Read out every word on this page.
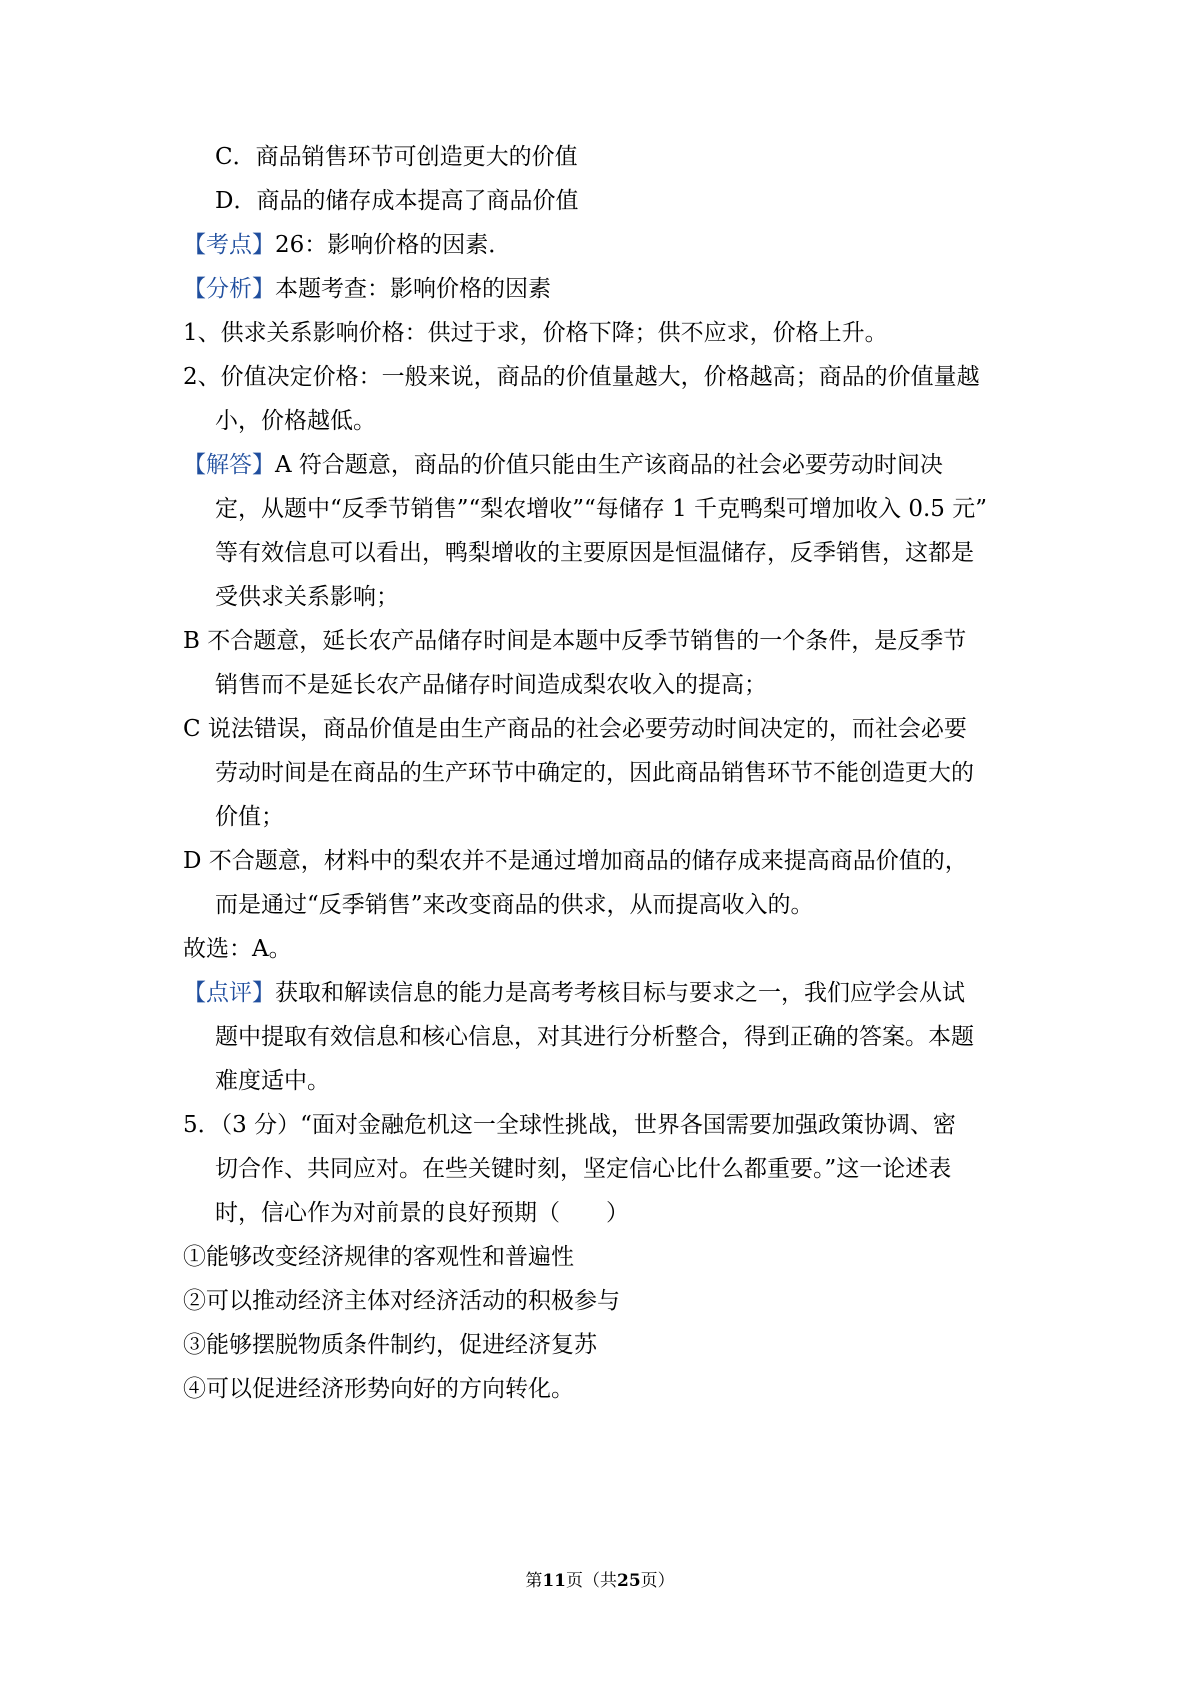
C．商品销售环节可创造更大的价值
D．商品的储存成本提高了商品价值
【考点】26：影响价格的因素．
【分析】本题考查：影响价格的因素
1、供求关系影响价格：供过于求，价格下降；供不应求，价格上升。
2、价值决定价格：一般来说，商品的价值量越大，价格越高；商品的价值量越
小，价格越低。
【解答】A 符合题意，商品的价值只能由生产该商品的社会必要劳动时间决
定，从题中“反季节销售”“梨农增收”“每储存 1 千克鸭梨可增加收入 0.5 元”
等有效信息可以看出，鸭梨增收的主要原因是恒温储存，反季销售，这都是
受供求关系影响；
B 不合题意，延长农产品储存时间是本题中反季节销售的一个条件，是反季节
销售而不是延长农产品储存时间造成梨农收入的提高；
C 说法错误，商品价值是由生产商品的社会必要劳动时间决定的，而社会必要
劳动时间是在商品的生产环节中确定的，因此商品销售环节不能创造更大的
价值；
D 不合题意，材料中的梨农并不是通过增加商品的储存成来提高商品价值的，
而是通过“反季销售”来改变商品的供求，从而提高收入的。
故选：A。
【点评】获取和解读信息的能力是高考考核目标与要求之一，我们应学会从试
题中提取有效信息和核心信息，对其进行分析整合，得到正确的答案。本题
难度适中。
5．（3 分）“面对金融危机这一全球性挑战，世界各国需要加强政策协调、密
切合作、共同应对。在些关键时刻，坚定信心比什么都重要。”这一论述表
时，信心作为对前景的良好预期（　　）
①能够改变经济规律的客观性和普遍性
②可以推动经济主体对经济活动的积极参与
③能够摆脱物质条件制约，促进经济复苏
④可以促进经济形势向好的方向转化。
第11页（共25页）
